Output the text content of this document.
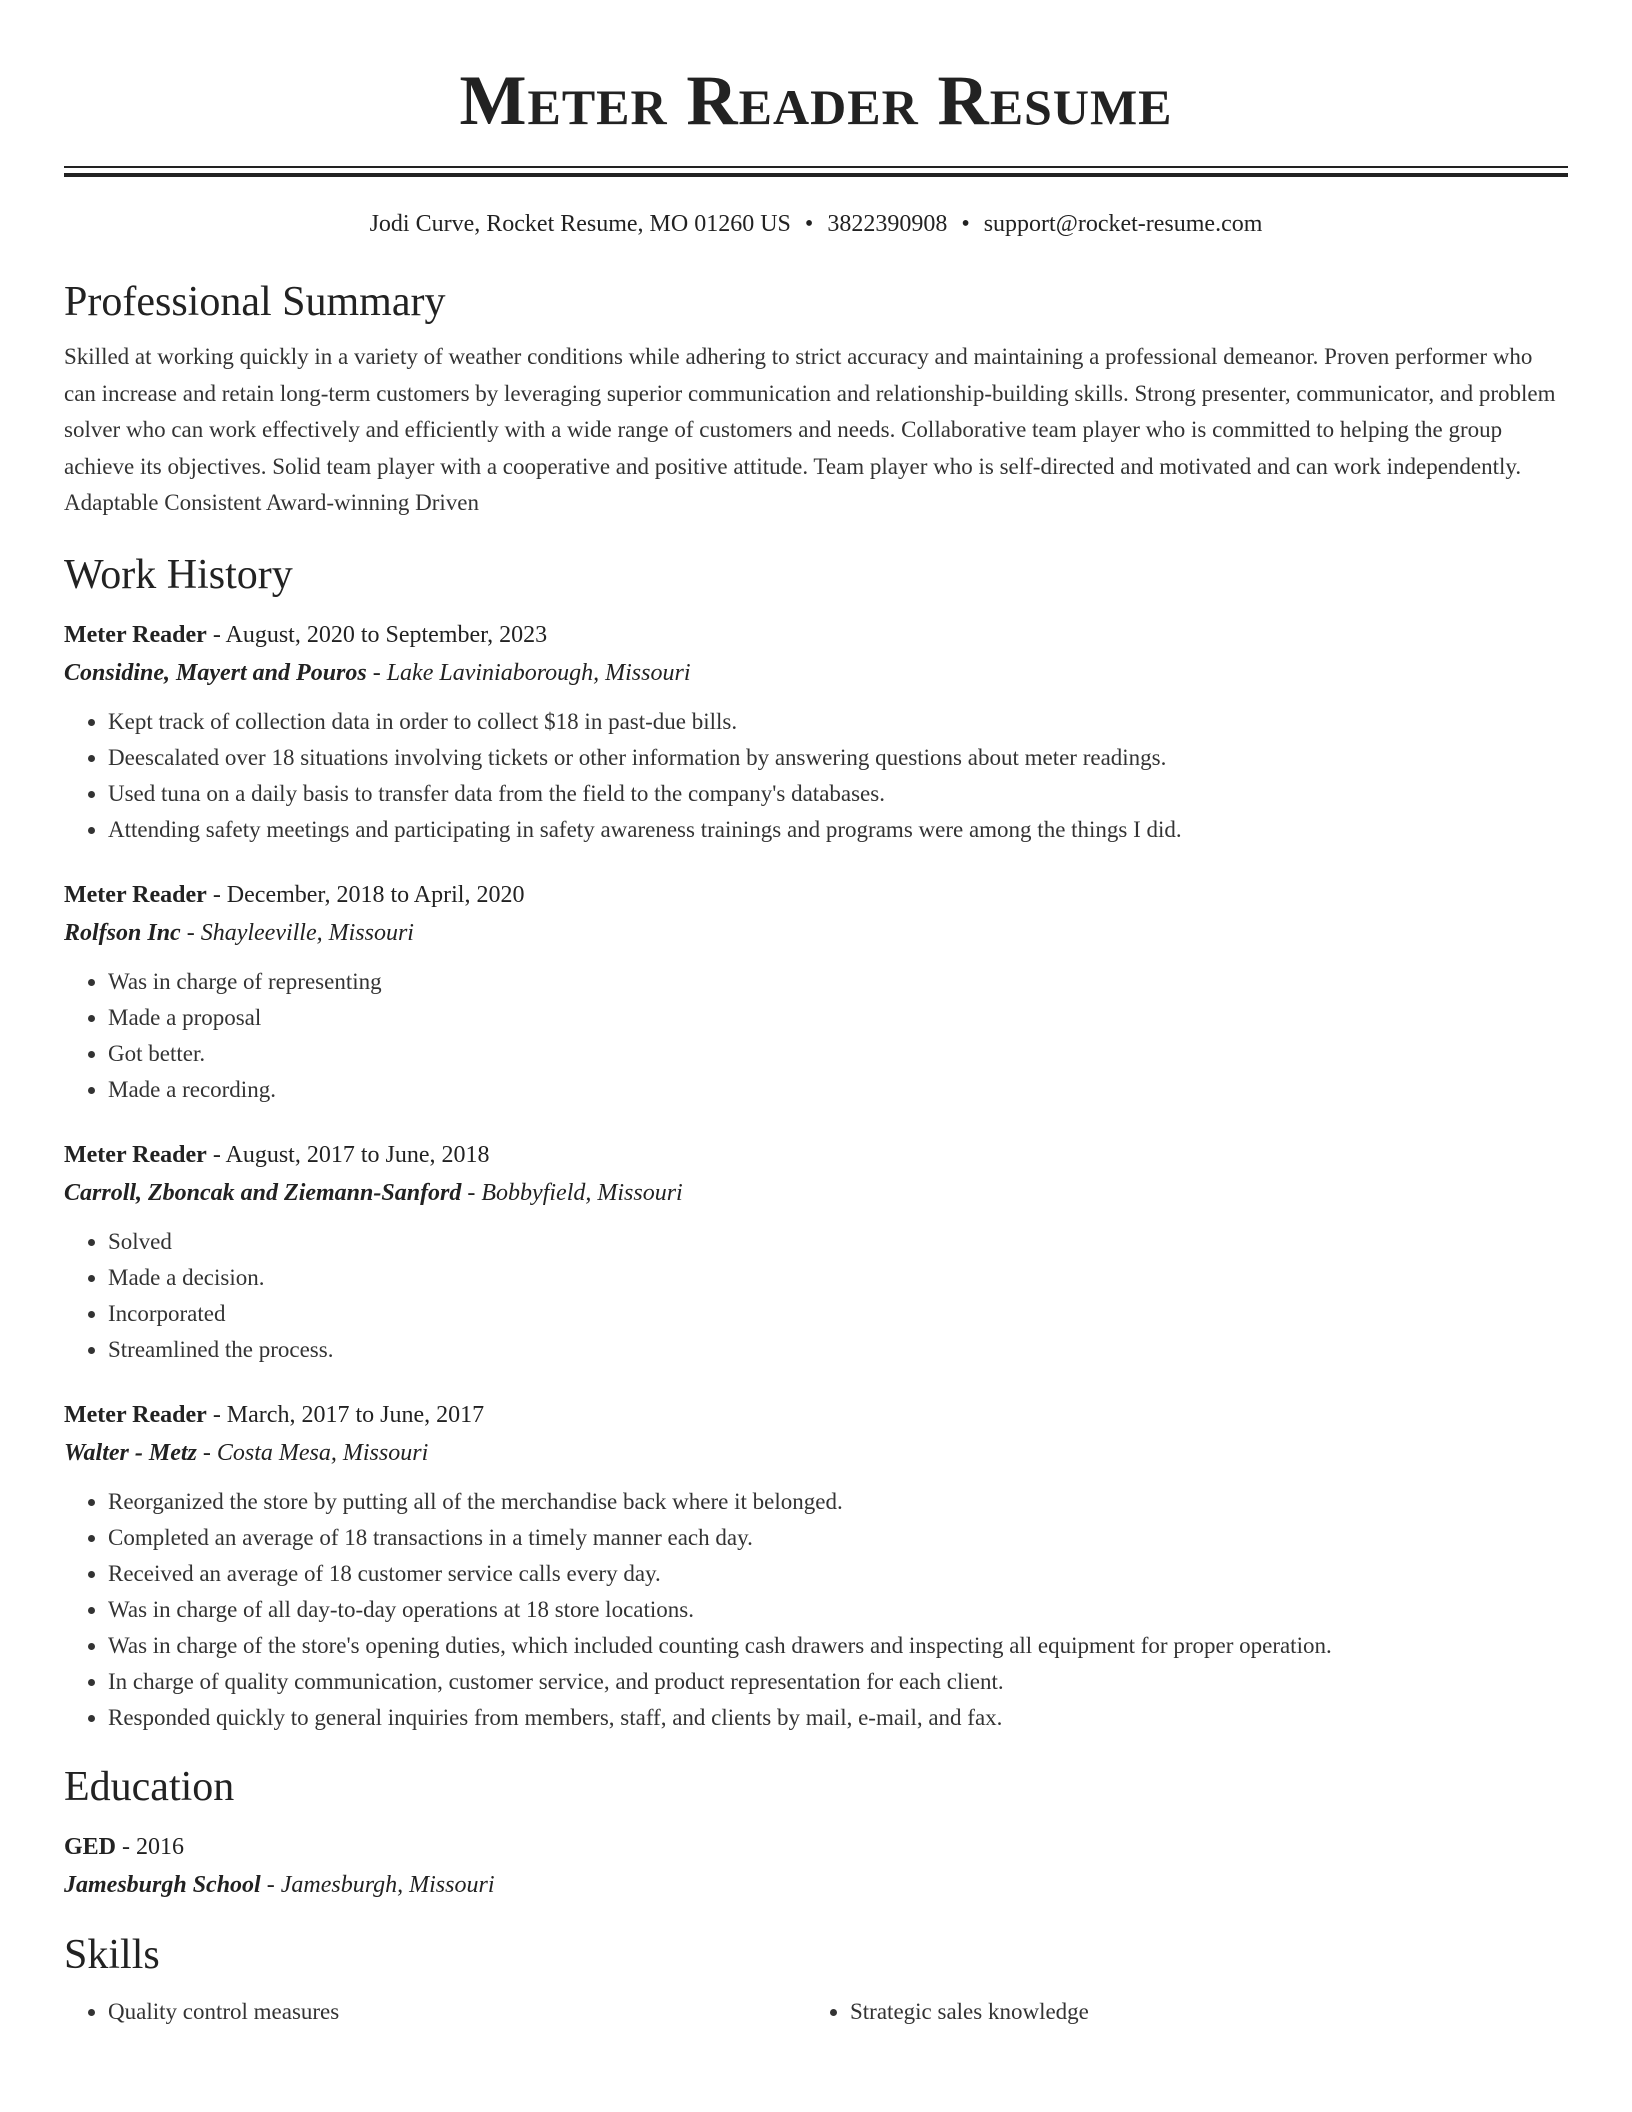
Meter Reader Resume
Jodi Curve, Rocket Resume, MO 01260 US • 3822390908 • support@rocket-resume.com
Professional Summary
Skilled at working quickly in a variety of weather conditions while adhering to strict accuracy and maintaining a professional demeanor. Proven performer who can increase and retain long-term customers by leveraging superior communication and relationship-building skills. Strong presenter, communicator, and problem solver who can work effectively and efficiently with a wide range of customers and needs. Collaborative team player who is committed to helping the group achieve its objectives. Solid team player with a cooperative and positive attitude. Team player who is self-directed and motivated and can work independently. Adaptable Consistent Award-winning Driven
Work History
Meter Reader - August, 2020 to September, 2023
Considine, Mayert and Pouros - Lake Laviniaborough, Missouri
• Kept track of collection data in order to collect $18 in past-due bills.
• Deescalated over 18 situations involving tickets or other information by answering questions about meter readings.
• Used tuna on a daily basis to transfer data from the field to the company's databases.
• Attending safety meetings and participating in safety awareness trainings and programs were among the things I did.
Meter Reader - December, 2018 to April, 2020
Rolfson Inc - Shayleeville, Missouri
• Was in charge of representing
• Made a proposal
• Got better.
• Made a recording.
Meter Reader - August, 2017 to June, 2018
Carroll, Zboncak and Ziemann-Sanford - Bobbyfield, Missouri
• Solved
• Made a decision.
• Incorporated
• Streamlined the process.
Meter Reader - March, 2017 to June, 2017
Walter - Metz - Costa Mesa, Missouri
• Reorganized the store by putting all of the merchandise back where it belonged.
• Completed an average of 18 transactions in a timely manner each day.
• Received an average of 18 customer service calls every day.
• Was in charge of all day-to-day operations at 18 store locations.
• Was in charge of the store's opening duties, which included counting cash drawers and inspecting all equipment for proper operation.
• In charge of quality communication, customer service, and product representation for each client.
• Responded quickly to general inquiries from members, staff, and clients by mail, e-mail, and fax.
Education
GED - 2016
Jamesburgh School - Jamesburgh, Missouri
Skills
• Quality control measures
•	Strategic sales knowledge
